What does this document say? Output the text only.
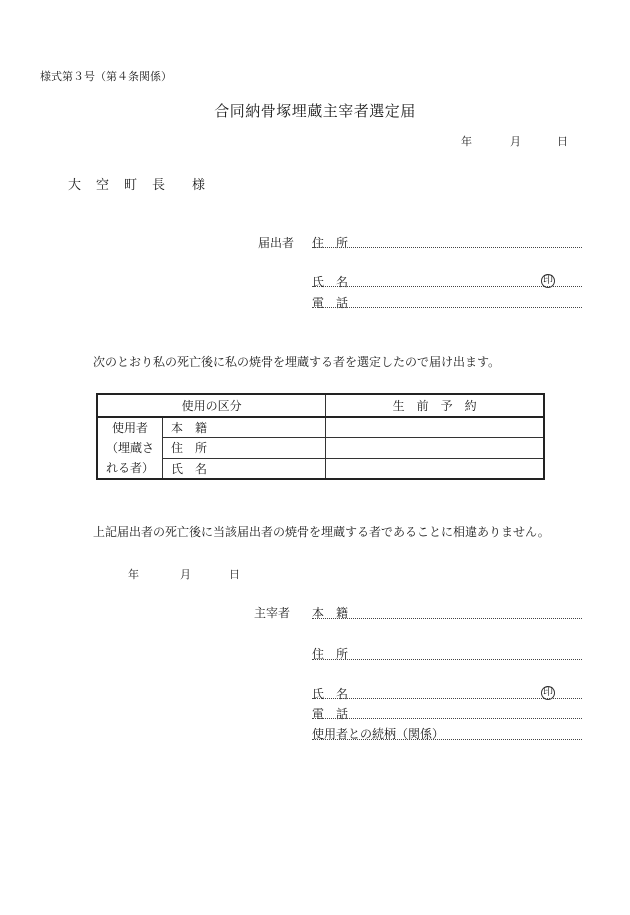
様式第３号（第４条関係）
合同納骨塚埋蔵主宰者選定届
年	月	日
大 空 町 長 様
届出者 住　所
氏　名	印
電　話
次のとおり私の死亡後に私の焼骨を埋蔵する者を選定したので届け出ます。
使用の区分		生　前　予　約

使用者
（埋蔵さ
れる者）	本　籍	
	住　所	
	氏　名	
上記届出者の死亡後に当該届出者の焼骨を埋蔵する者であることに相違ありません。
年	月	日
主宰者 本　籍
住　所
氏　名	印
電　話
使用者との続柄（関係）
